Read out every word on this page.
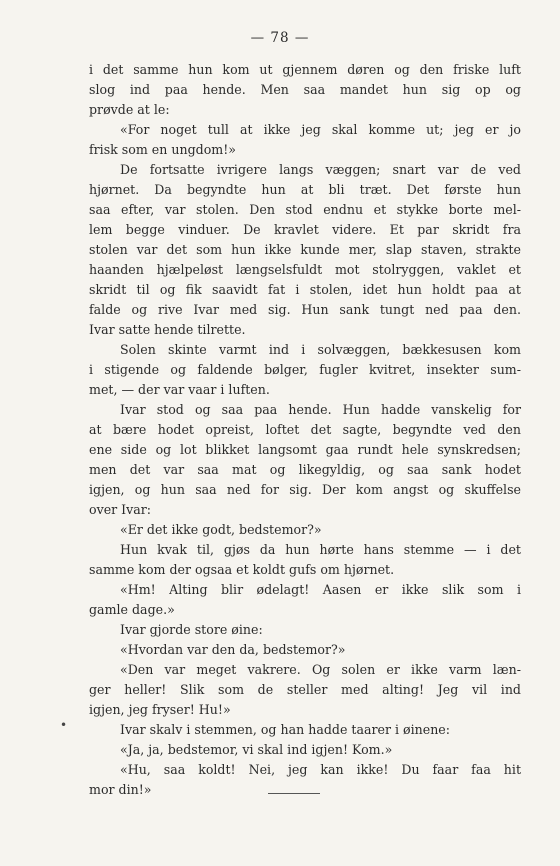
— 78 —
•
i det samme hun kom ut gjennem døren og den friske luft
slog ind paa hende. Men saa mandet hun sig op og
prøvde at le:
«For noget tull at ikke jeg skal komme ut; jeg er jo
frisk som en ungdom!»
De fortsatte ivrigere langs væggen; snart var de ved
hjørnet. Da begyndte hun at bli træt. Det første hun
saa efter, var stolen. Den stod endnu et stykke borte mel-
lem begge vinduer. De kravlet videre. Et par skridt fra
stolen var det som hun ikke kunde mer, slap staven, strakte
haanden hjælpeløst længselsfuldt mot stolryggen, vaklet et
skridt til og fik saavidt fat i stolen, idet hun holdt paa at
falde og rive Ivar med sig. Hun sank tungt ned paa den.
Ivar satte hende tilrette.
Solen skinte varmt ind i solvæggen, bækkesusen kom
i stigende og faldende bølger, fugler kvitret, insekter sum-
met, — der var vaar i luften.
Ivar stod og saa paa hende. Hun hadde vanskelig for
at bære hodet opreist, loftet det sagte, begyndte ved den
ene side og lot blikket langsomt gaa rundt hele synskredsen;
men det var saa mat og likegyldig, og saa sank hodet
igjen, og hun saa ned for sig. Der kom angst og skuffelse
over Ivar:
«Er det ikke godt, bedstemor?»
Hun kvak til, gjøs da hun hørte hans stemme — i det
samme kom der ogsaa et koldt gufs om hjørnet.
«Hm! Alting blir ødelagt! Aasen er ikke slik som i
gamle dage.»
Ivar gjorde store øine:
«Hvordan var den da, bedstemor?»
«Den var meget vakrere. Og solen er ikke varm læn-
ger heller! Slik som de steller med alting! Jeg vil ind
igjen, jeg fryser! Hu!»
Ivar skalv i stemmen, og han hadde taarer i øinene:
«Ja, ja, bedstemor, vi skal ind igjen! Kom.»
«Hu, saa koldt! Nei, jeg kan ikke! Du faar faa hit
mor din!»
